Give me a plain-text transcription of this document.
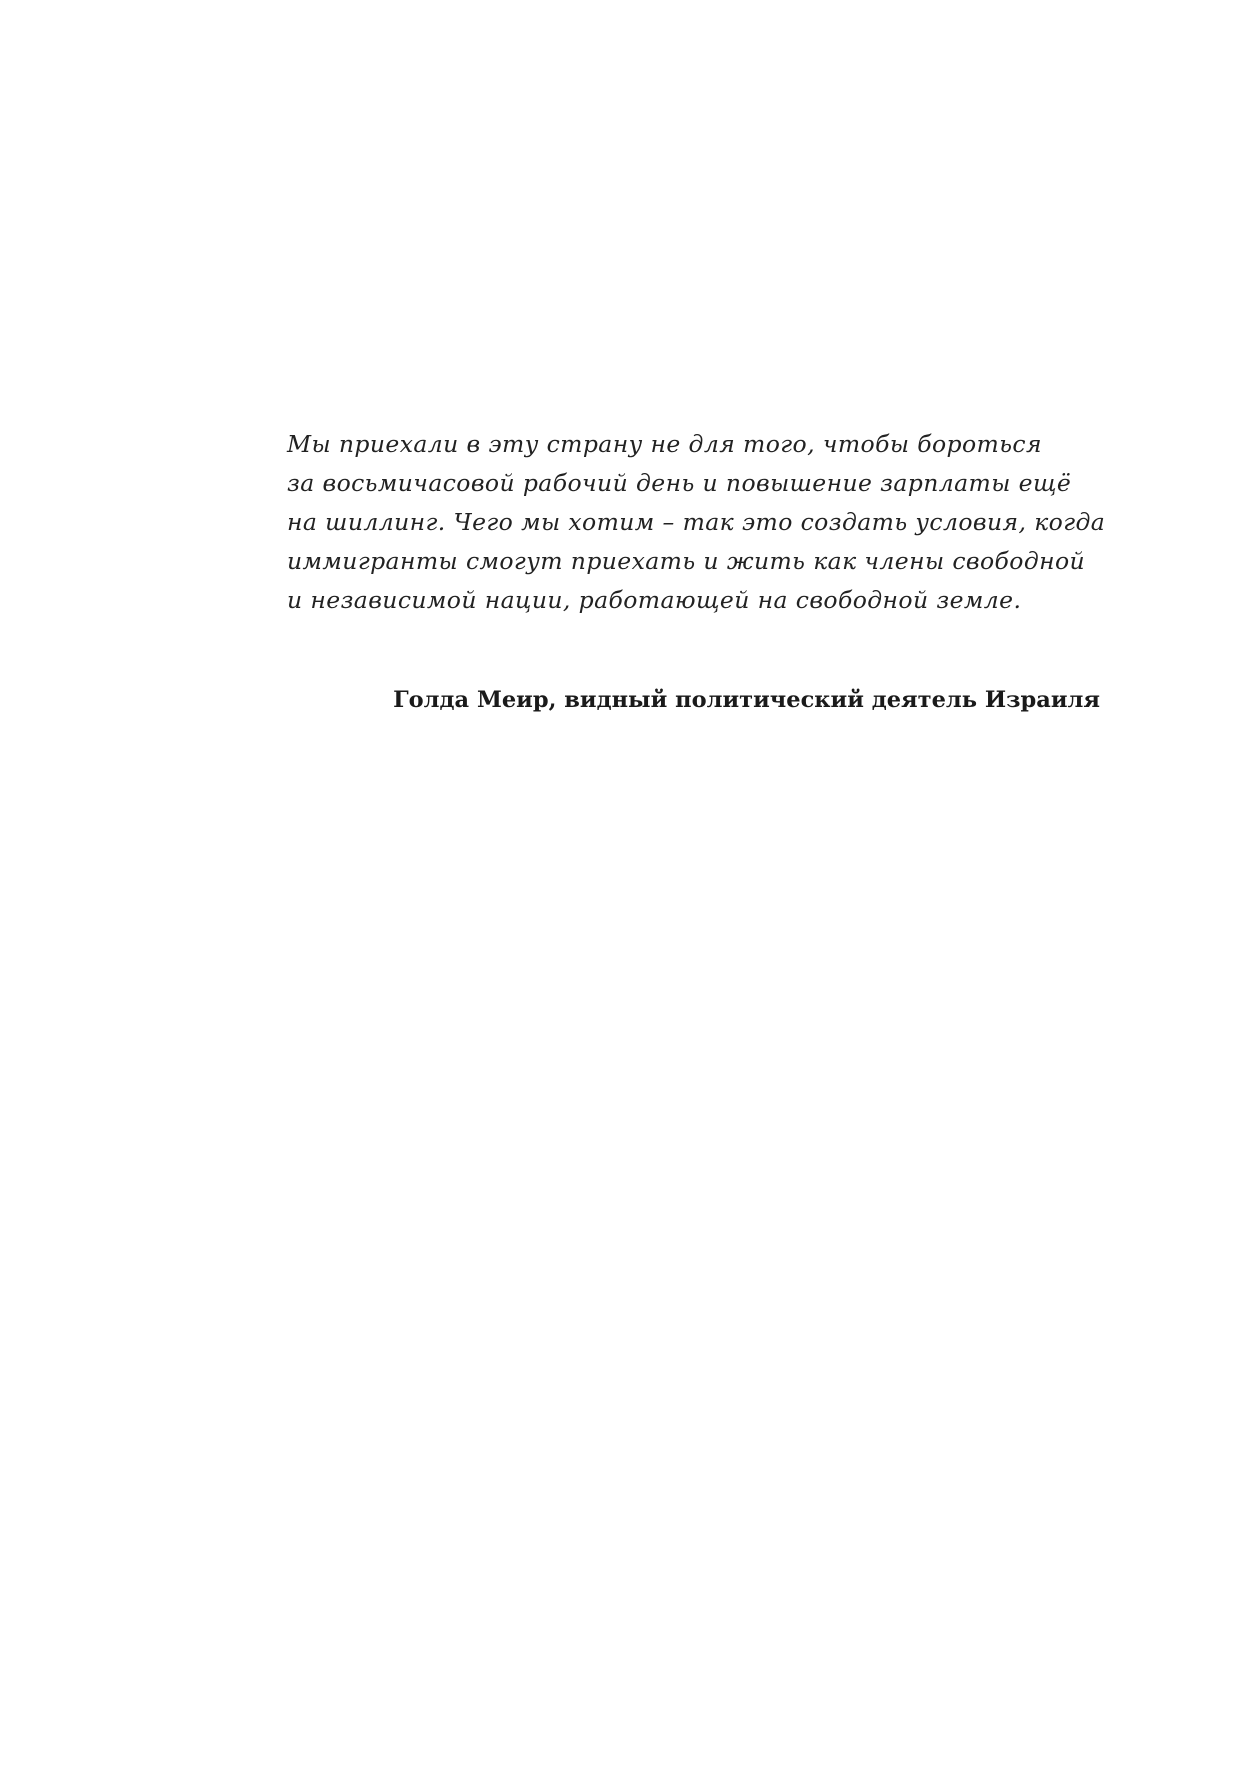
Мы приехали в эту страну не для того, чтобы бороться
за восьмичасовой рабочий день и повышение зарплаты ещё
на шиллинг. Чего мы хотим – так это создать условия, когда
иммигранты смогут приехать и жить как члены свободной
и независимой нации, работающей на свободной земле.
Голда Меир, видный политический деятель Израиля
